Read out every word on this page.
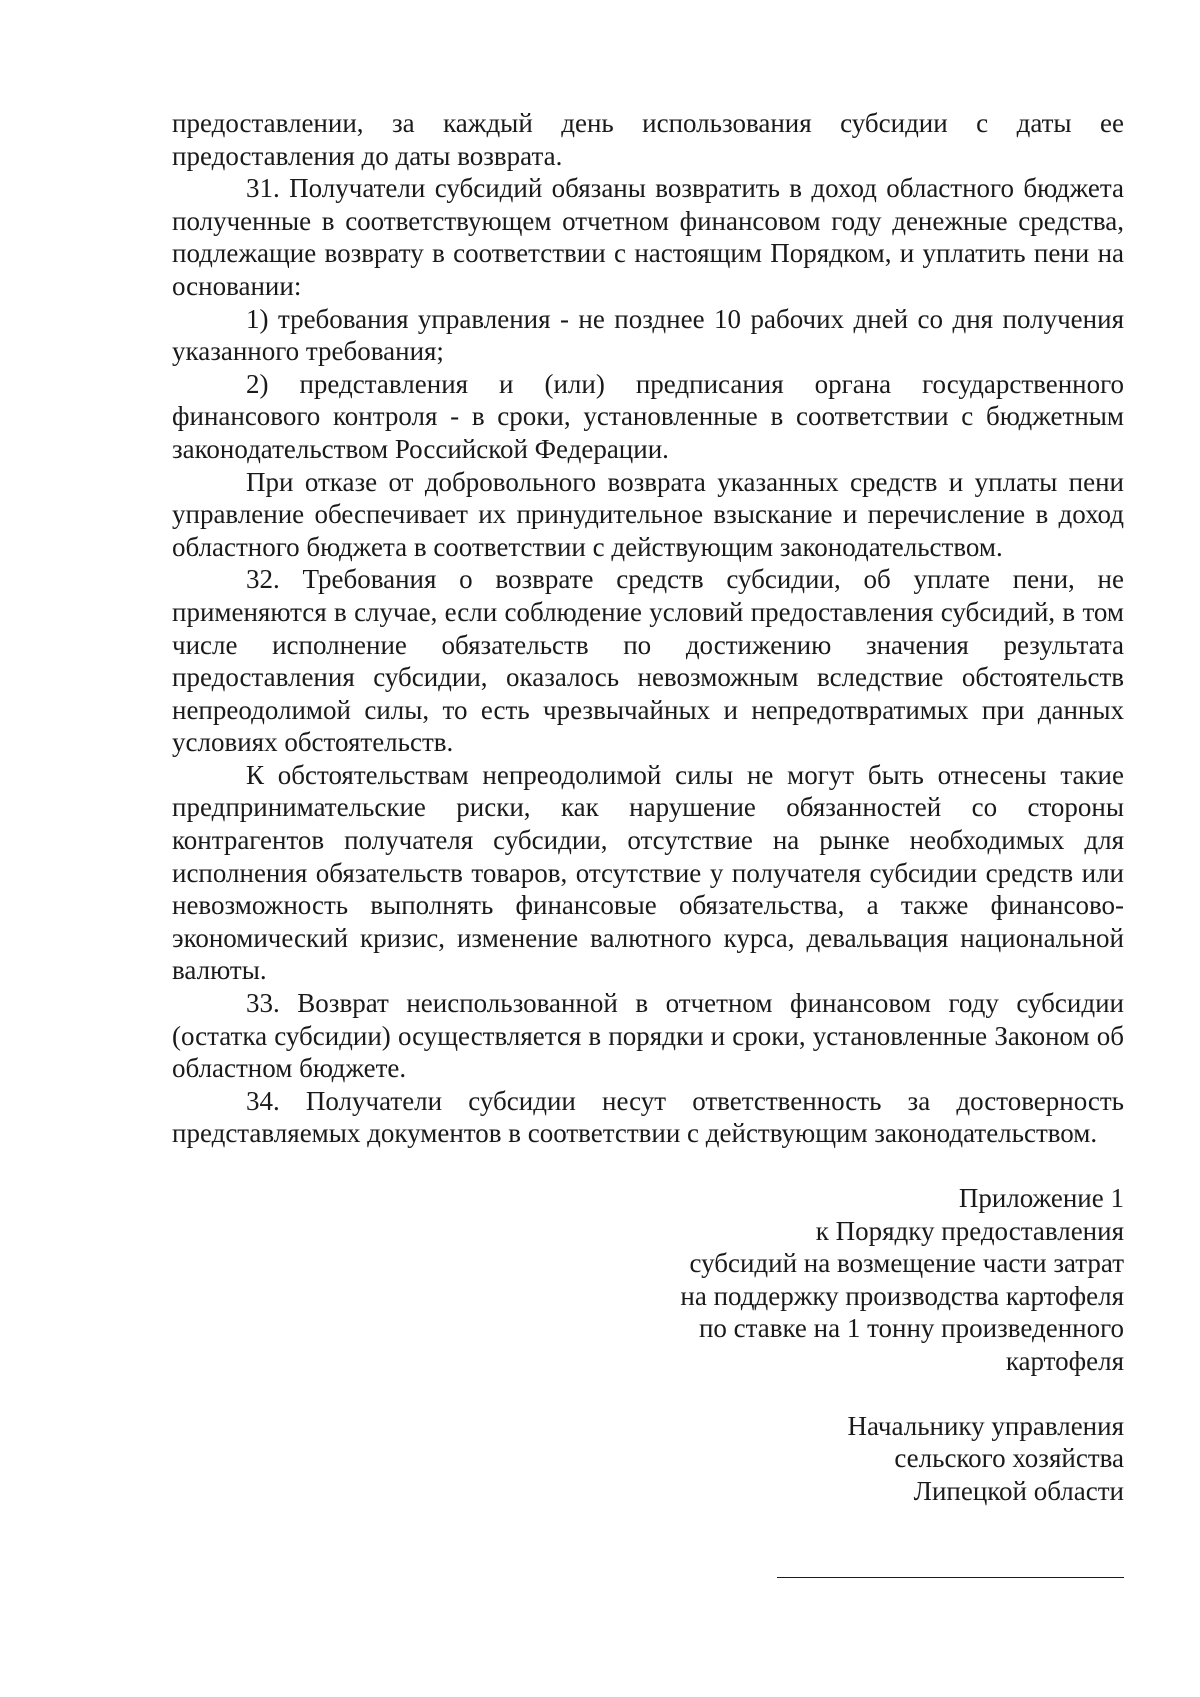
предоставлении, за каждый день использования субсидии с даты ее предоставления до даты возврата.

31. Получатели субсидий обязаны возвратить в доход областного бюджета полученные в соответствующем отчетном финансовом году денежные средства, подлежащие возврату в соответствии с настоящим Порядком, и уплатить пени на основании:

1) требования управления - не позднее 10 рабочих дней со дня получения указанного требования;

2) представления и (или) предписания органа государственного финансового контроля - в сроки, установленные в соответствии с бюджетным законодательством Российской Федерации.

При отказе от добровольного возврата указанных средств и уплаты пени управление обеспечивает их принудительное взыскание и перечисление в доход областного бюджета в соответствии с действующим законодательством.

32. Требования о возврате средств субсидии, об уплате пени, не применяются в случае, если соблюдение условий предоставления субсидий, в том числе исполнение обязательств по достижению значения результата предоставления субсидии, оказалось невозможным вследствие обстоятельств непреодолимой силы, то есть чрезвычайных и непредотвратимых при данных условиях обстоятельств.

К обстоятельствам непреодолимой силы не могут быть отнесены такие предпринимательские риски, как нарушение обязанностей со стороны контрагентов получателя субсидии, отсутствие на рынке необходимых для исполнения обязательств товаров, отсутствие у получателя субсидии средств или невозможность выполнять финансовые обязательства, а также финансово-экономический кризис, изменение валютного курса, девальвация национальной валюты.

33. Возврат неиспользованной в отчетном финансовом году субсидии (остатка субсидии) осуществляется в порядки и сроки, установленные Законом об областном бюджете.

34. Получатели субсидии несут ответственность за достоверность представляемых документов в соответствии с действующим законодательством.

Приложение 1
к Порядку предоставления
субсидий на возмещение части затрат
на поддержку производства картофеля
по ставке на 1 тонну произведенного
картофеля
Начальнику управления
сельского хозяйства
Липецкой области
